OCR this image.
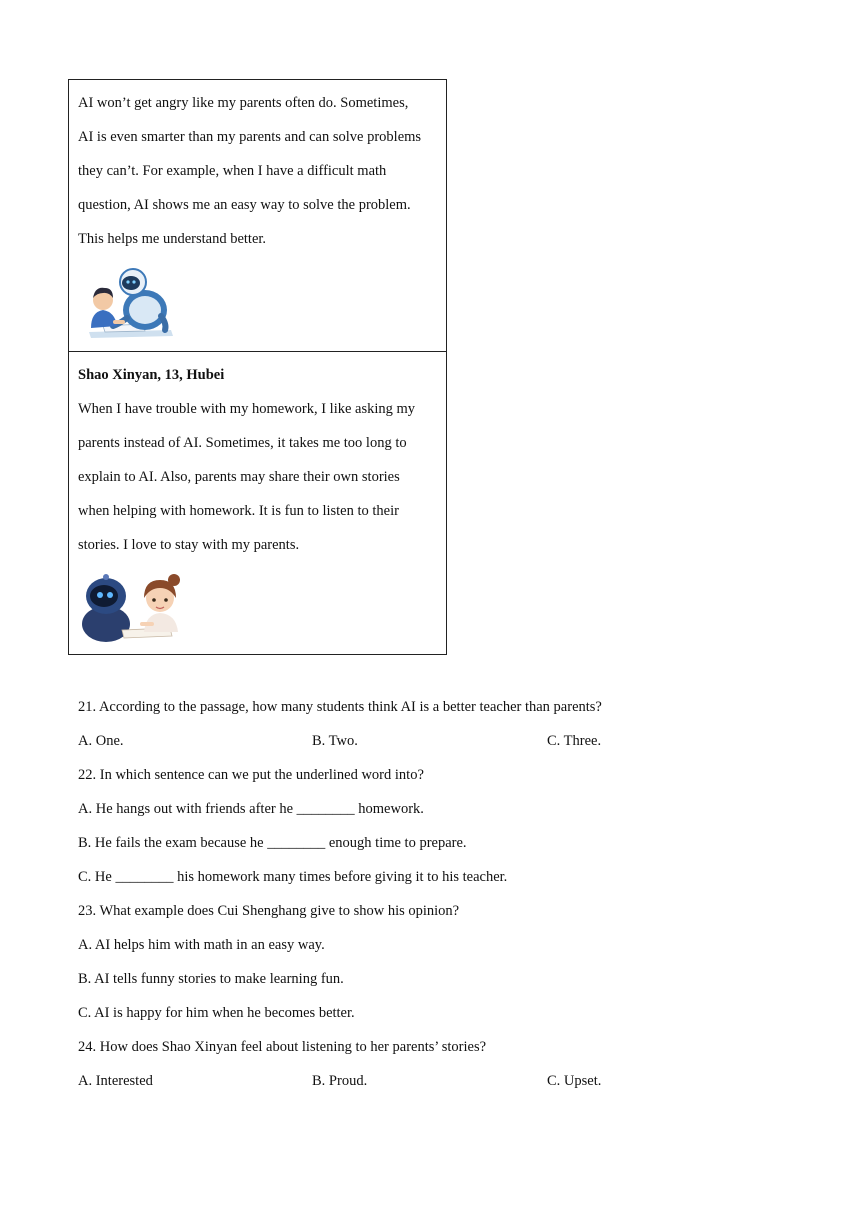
AI won’t get angry like my parents often do. Sometimes,
AI is even smarter than my parents and can solve problems
they can’t. For example, when I have a difficult math
question, AI shows me an easy way to solve the problem.
This helps me understand better.
Shao Xinyan, 13, Hubei
When I have trouble with my homework, I like asking my
parents instead of AI. Sometimes, it takes me too long to
explain to AI. Also, parents may share their own stories
when helping with homework. It is fun to listen to their
stories. I love to stay with my parents.
21. According to the passage, how many students think AI is a better teacher than parents?
A. One.	B. Two.	C. Three.
22. In which sentence can we put the underlined word into?
A. He hangs out with friends after he ________ homework.
B. He fails the exam because he ________ enough time to prepare.
C. He ________ his homework many times before giving it to his teacher.
23. What example does Cui Shenghang give to show his opinion?
A. AI helps him with math in an easy way.
B. AI tells funny stories to make learning fun.
C. AI is happy for him when he becomes better.
24. How does Shao Xinyan feel about listening to her parents’ stories?
A. Interested	B. Proud.	C. Upset.
